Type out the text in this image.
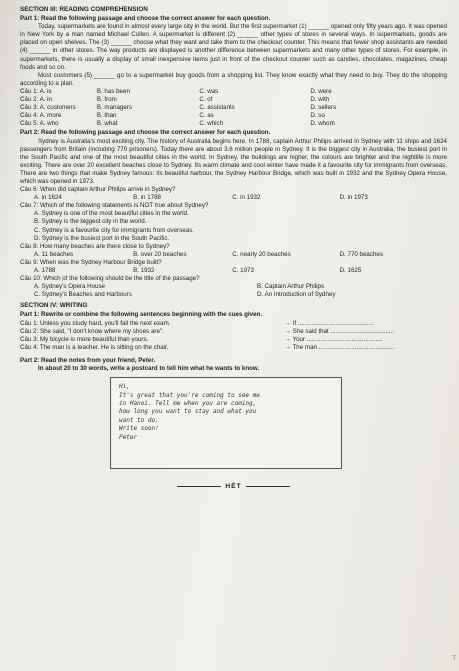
SECTION III: READING COMPREHENSION
Part 1: Read the following passage and choose the correct answer for each question.

Today, supermarkets are found in almost every large city in the world. But the first supermarket (1) ______ opened only fifty years ago. It was opened in New York by a man named Michael Cullen. A supermarket is different (2) ______ other types of stores in several ways. In supermarkets, goods are placed on open shelves. The (3) ______ choose what they want and take them to the checkout counter. This means that fewer shop assistants are needed (4) ______ in other stores. The way products are displayed is another difference between supermarkets and many other types of stores. For example, in supermarkets, there is usually a display of small inexpensive items just in front of the checkout counter such as candies, chocolates, magazines, cheap foods and so on.

Most customers (5) ______ go to a supermarket buy goods from a shopping list. They know exactly what they need to buy. They do the shopping according to a plan.

Câu 1: A. is	B. has been	C. was	D. were
Câu 2: A. in	B. from	C. of	D. with
Câu 3: A. customers	B. managers	C. assistants	D. sellers
Câu 4: A. more	B. than	C. as	D. so
Câu 5: A. who	B. what	C. which	D. whom
Part 2: Read the following passage and choose the correct answer for each question.
Sydney is Australia's most exciting city. The history of Australia begins here. In 1788, captain Arthur Philips arrived in Sydney with 11 ships and 1624 passengers from Britain (including 770 prisoners). Today there are about 3.6 million people in Sydney. It is the biggest city in Australia, the busiest port in the South Pacific and one of the most beautiful cities in the world. In Sydney, the buildings are higher, the colours are brighter and the nightlife is more exciting. There are over 20 excellent beaches close to Sydney. Its warm climate and cool winter have made it a favourite city for immigrants from overseas. There are two things that make Sydney famous: its beautiful harbour, the Sydney Harbour Bridge, which was built in 1932 and the Sydney Opera House, which was opened in 1973.
Câu 6: When did captain Arthur Philips arrive in Sydney?
A. in 1624	B. in 1788	C. in 1932	D. in 1973
Câu 7: Which of the following statements is NOT true about Sydney?
A. Sydney is one of the most beautiful cities in the world.
B. Sydney is the biggest city in the world.
C. Sydney is a favourite city for immigrants from overseas.
D. Sydney is the busiest port in the South Pacific.
Câu 8: How many beaches are there close to Sydney?
A. 11 beaches	B. over 20 beaches	C. nearly 20 beaches	D. 770 beaches
Câu 9: When was the Sydney Harbour Bridge built?
A. 1788	B. 1932	C. 1973	D. 1625
Câu 10: Which of the following should be the title of the passage?
A. Sydney's Opera House	B. Captain Arthur Philips
C. Sydney's Beaches and Harbours	D. An Introduction of Sydney
SECTION IV: WRITING
Part 1: Rewrite or combine the following sentences beginning with the cues given.
Câu 1: Unless you study hard, you'll fail the next exam.	→ If ............................................
Câu 2: She said, "I don't know where my shoes are".	→ She said that .....................................
Câu 3: My bicycle is more beautiful than yours.	→ Your ............................................
Câu 4: The man is a teacher. He is sitting on the chair.	→ The man ............................................
Part 2: Read the notes from your friend, Peter.
In about 20 to 30 words, write a postcard to tell him what he wants to know.
Hi,
It's great that you're coming to see me
in Hanoi. Tell me when you are coming,
how long you want to stay and what you
want to do.
Write soon!
Peter
HẾT
T
